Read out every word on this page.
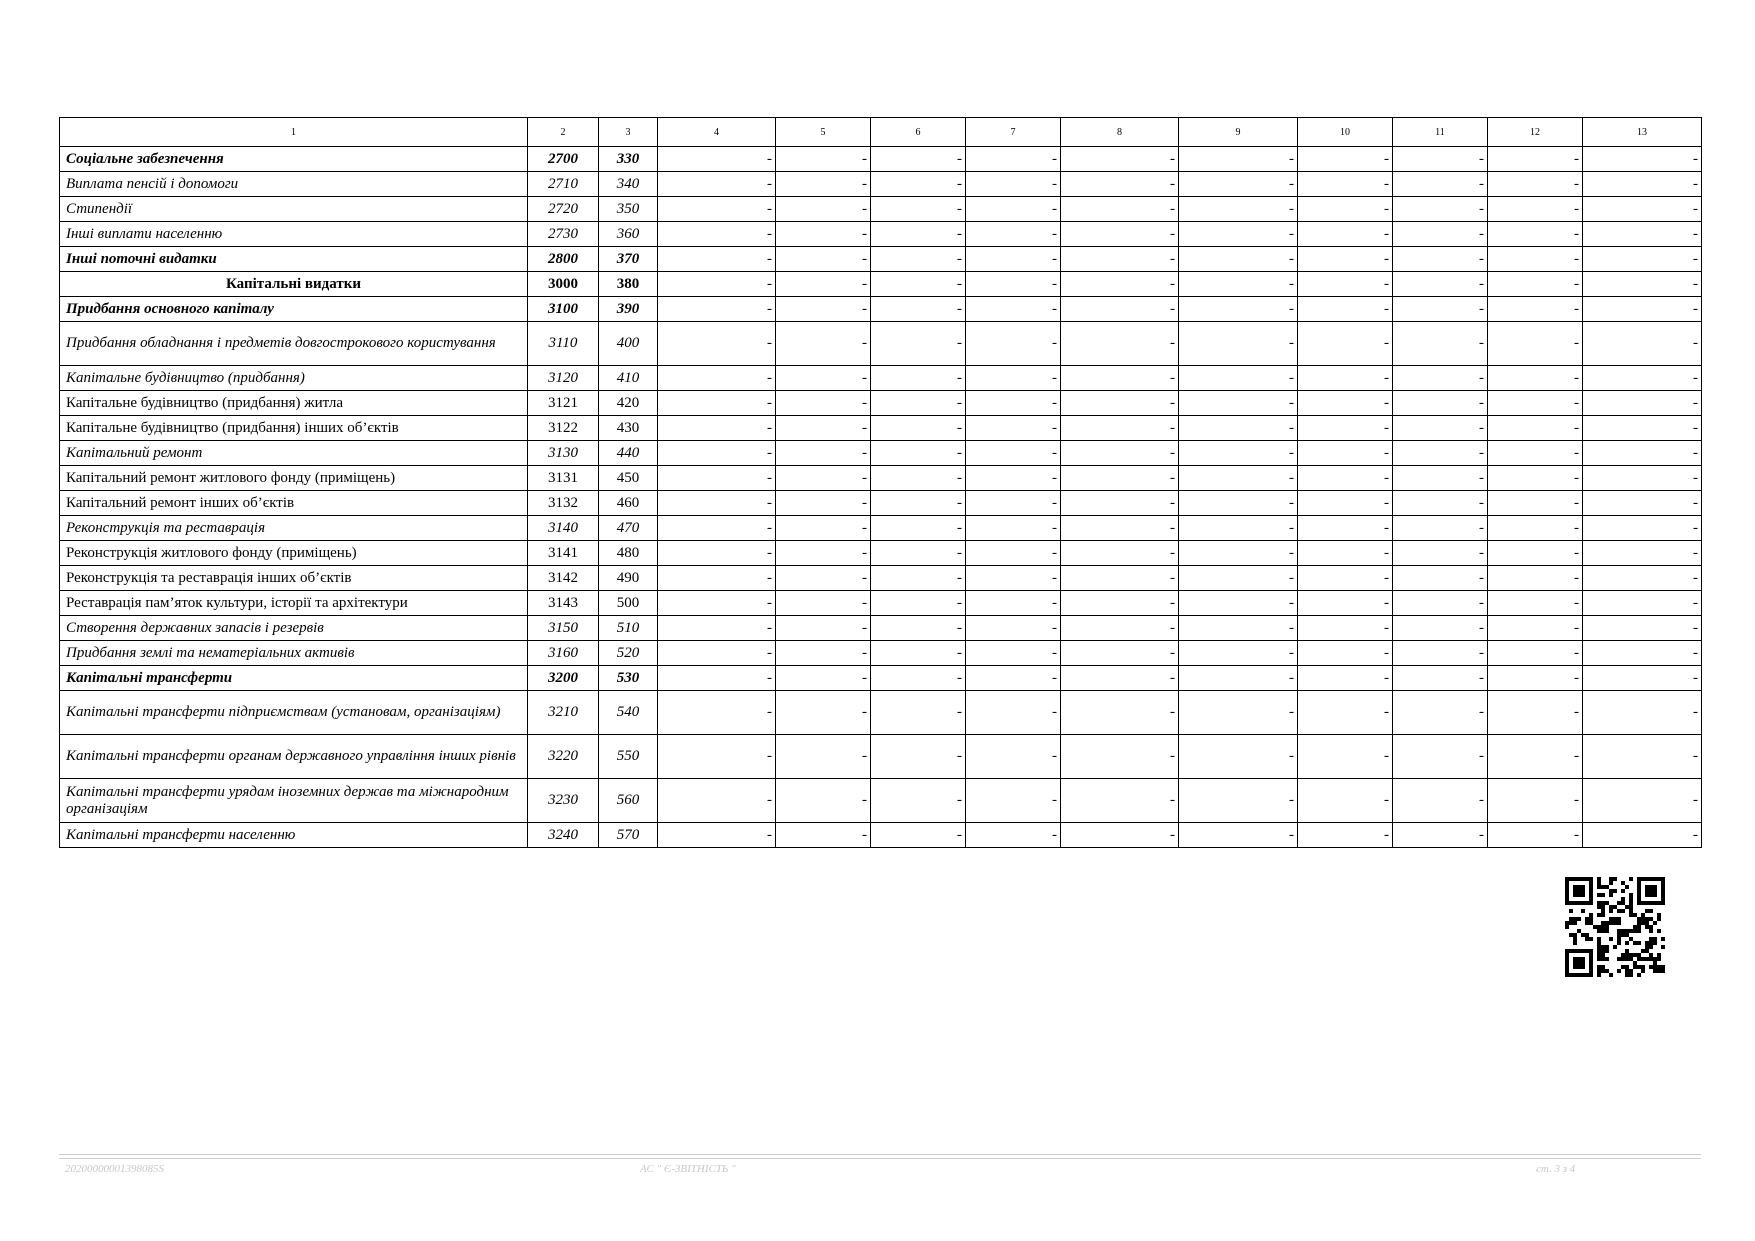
1	2	3	4	5	6	7	8	9	10	11	12	13
Соціальне забезпечення	2700	330	-	-	-	-	-	-	-	-	-	-
Виплата пенсій і допомоги	2710	340	-	-	-	-	-	-	-	-	-	-
Стипендії	2720	350	-	-	-	-	-	-	-	-	-	-
Інші виплати населенню	2730	360	-	-	-	-	-	-	-	-	-	-
Інші поточні видатки	2800	370	-	-	-	-	-	-	-	-	-	-
Капітальні видатки	3000	380	-	-	-	-	-	-	-	-	-	-
Придбання основного капіталу	3100	390	-	-	-	-	-	-	-	-	-	-
Придбання обладнання і предметів довгострокового користування	3110	400	-	-	-	-	-	-	-	-	-	-
Капітальне будівництво (придбання)	3120	410	-	-	-	-	-	-	-	-	-	-
Капітальне будівництво (придбання) житла	3121	420	-	-	-	-	-	-	-	-	-	-
Капітальне будівництво (придбання) інших об’єктів	3122	430	-	-	-	-	-	-	-	-	-	-
Капітальний ремонт	3130	440	-	-	-	-	-	-	-	-	-	-
Капітальний ремонт житлового фонду (приміщень)	3131	450	-	-	-	-	-	-	-	-	-	-
Капітальний ремонт інших об’єктів	3132	460	-	-	-	-	-	-	-	-	-	-
Реконструкція та реставрація	3140	470	-	-	-	-	-	-	-	-	-	-
Реконструкція житлового фонду (приміщень)	3141	480	-	-	-	-	-	-	-	-	-	-
Реконструкція та реставрація інших об’єктів	3142	490	-	-	-	-	-	-	-	-	-	-
Реставрація пам’яток культури, історії та архітектури	3143	500	-	-	-	-	-	-	-	-	-	-
Створення державних запасів і резервів	3150	510	-	-	-	-	-	-	-	-	-	-
Придбання землі та нематеріальних активів	3160	520	-	-	-	-	-	-	-	-	-	-
Капітальні трансферти	3200	530	-	-	-	-	-	-	-	-	-	-
Капітальні трансферти підприємствам (установам, організаціям)	3210	540	-	-	-	-	-	-	-	-	-	-
Капітальні трансферти органам державного управління інших рівнів	3220	550	-	-	-	-	-	-	-	-	-	-
Капітальні трансферти урядам іноземних держав та міжнародним організаціям	3230	560	-	-	-	-	-	-	-	-	-	-
Капітальні трансферти населенню	3240	570	-	-	-	-	-	-	-	-	-	-
20200000001398085S	АС " Є-ЗВІТНІСТЬ "	ст. 3 з 4
